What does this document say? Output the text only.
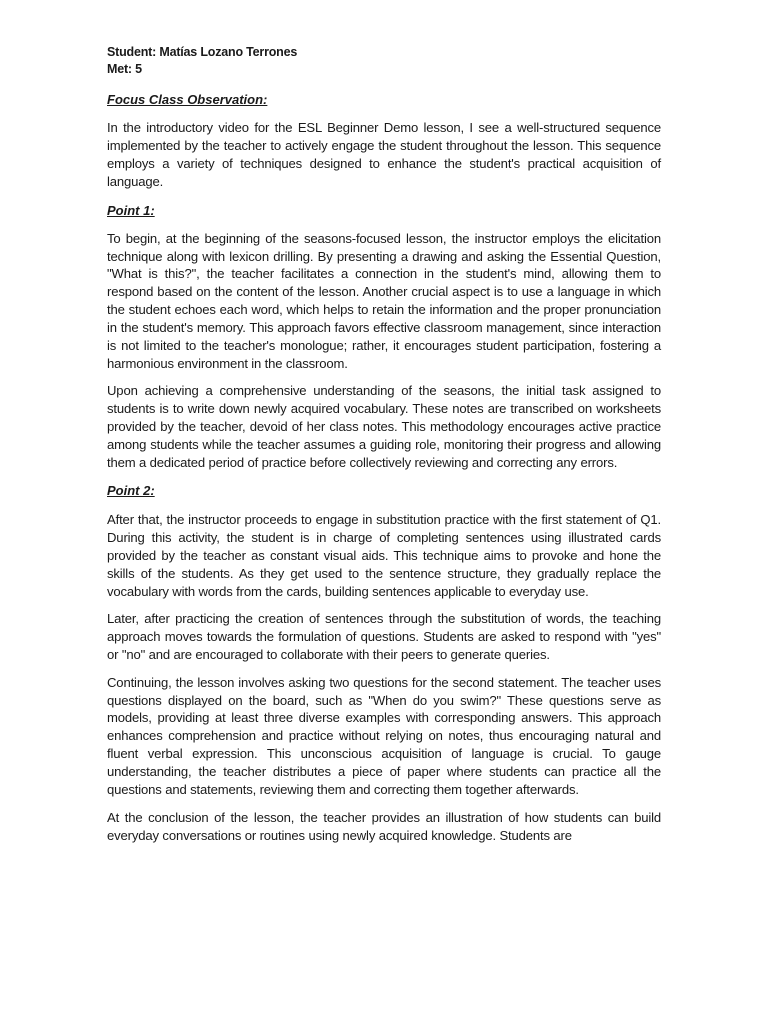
Student: Matías Lozano Terrones
Met: 5

Focus Class Observation:

In the introductory video for the ESL Beginner Demo lesson, I see a well-structured sequence implemented by the teacher to actively engage the student throughout the lesson. This sequence employs a variety of techniques designed to enhance the student's practical acquisition of language.

Point 1:

To begin, at the beginning of the seasons-focused lesson, the instructor employs the elicitation technique along with lexicon drilling. By presenting a drawing and asking the Essential Question, "What is this?", the teacher facilitates a connection in the student's mind, allowing them to respond based on the content of the lesson. Another crucial aspect is to use a language in which the student echoes each word, which helps to retain the information and the proper pronunciation in the student's memory. This approach favors effective classroom management, since interaction is not limited to the teacher's monologue; rather, it encourages student participation, fostering a harmonious environment in the classroom.

Upon achieving a comprehensive understanding of the seasons, the initial task assigned to students is to write down newly acquired vocabulary. These notes are transcribed on worksheets provided by the teacher, devoid of her class notes. This methodology encourages active practice among students while the teacher assumes a guiding role, monitoring their progress and allowing them a dedicated period of practice before collectively reviewing and correcting any errors.

Point 2:

After that, the instructor proceeds to engage in substitution practice with the first statement of Q1. During this activity, the student is in charge of completing sentences using illustrated cards provided by the teacher as constant visual aids. This technique aims to provoke and hone the skills of the students. As they get used to the sentence structure, they gradually replace the vocabulary with words from the cards, building sentences applicable to everyday use.

Later, after practicing the creation of sentences through the substitution of words, the teaching approach moves towards the formulation of questions. Students are asked to respond with "yes" or "no" and are encouraged to collaborate with their peers to generate queries.

Continuing, the lesson involves asking two questions for the second statement. The teacher uses questions displayed on the board, such as "When do you swim?" These questions serve as models, providing at least three diverse examples with corresponding answers. This approach enhances comprehension and practice without relying on notes, thus encouraging natural and fluent verbal expression. This unconscious acquisition of language is crucial. To gauge understanding, the teacher distributes a piece of paper where students can practice all the questions and statements, reviewing them and correcting them together afterwards.

At the conclusion of the lesson, the teacher provides an illustration of how students can build everyday conversations or routines using newly acquired knowledge. Students are
